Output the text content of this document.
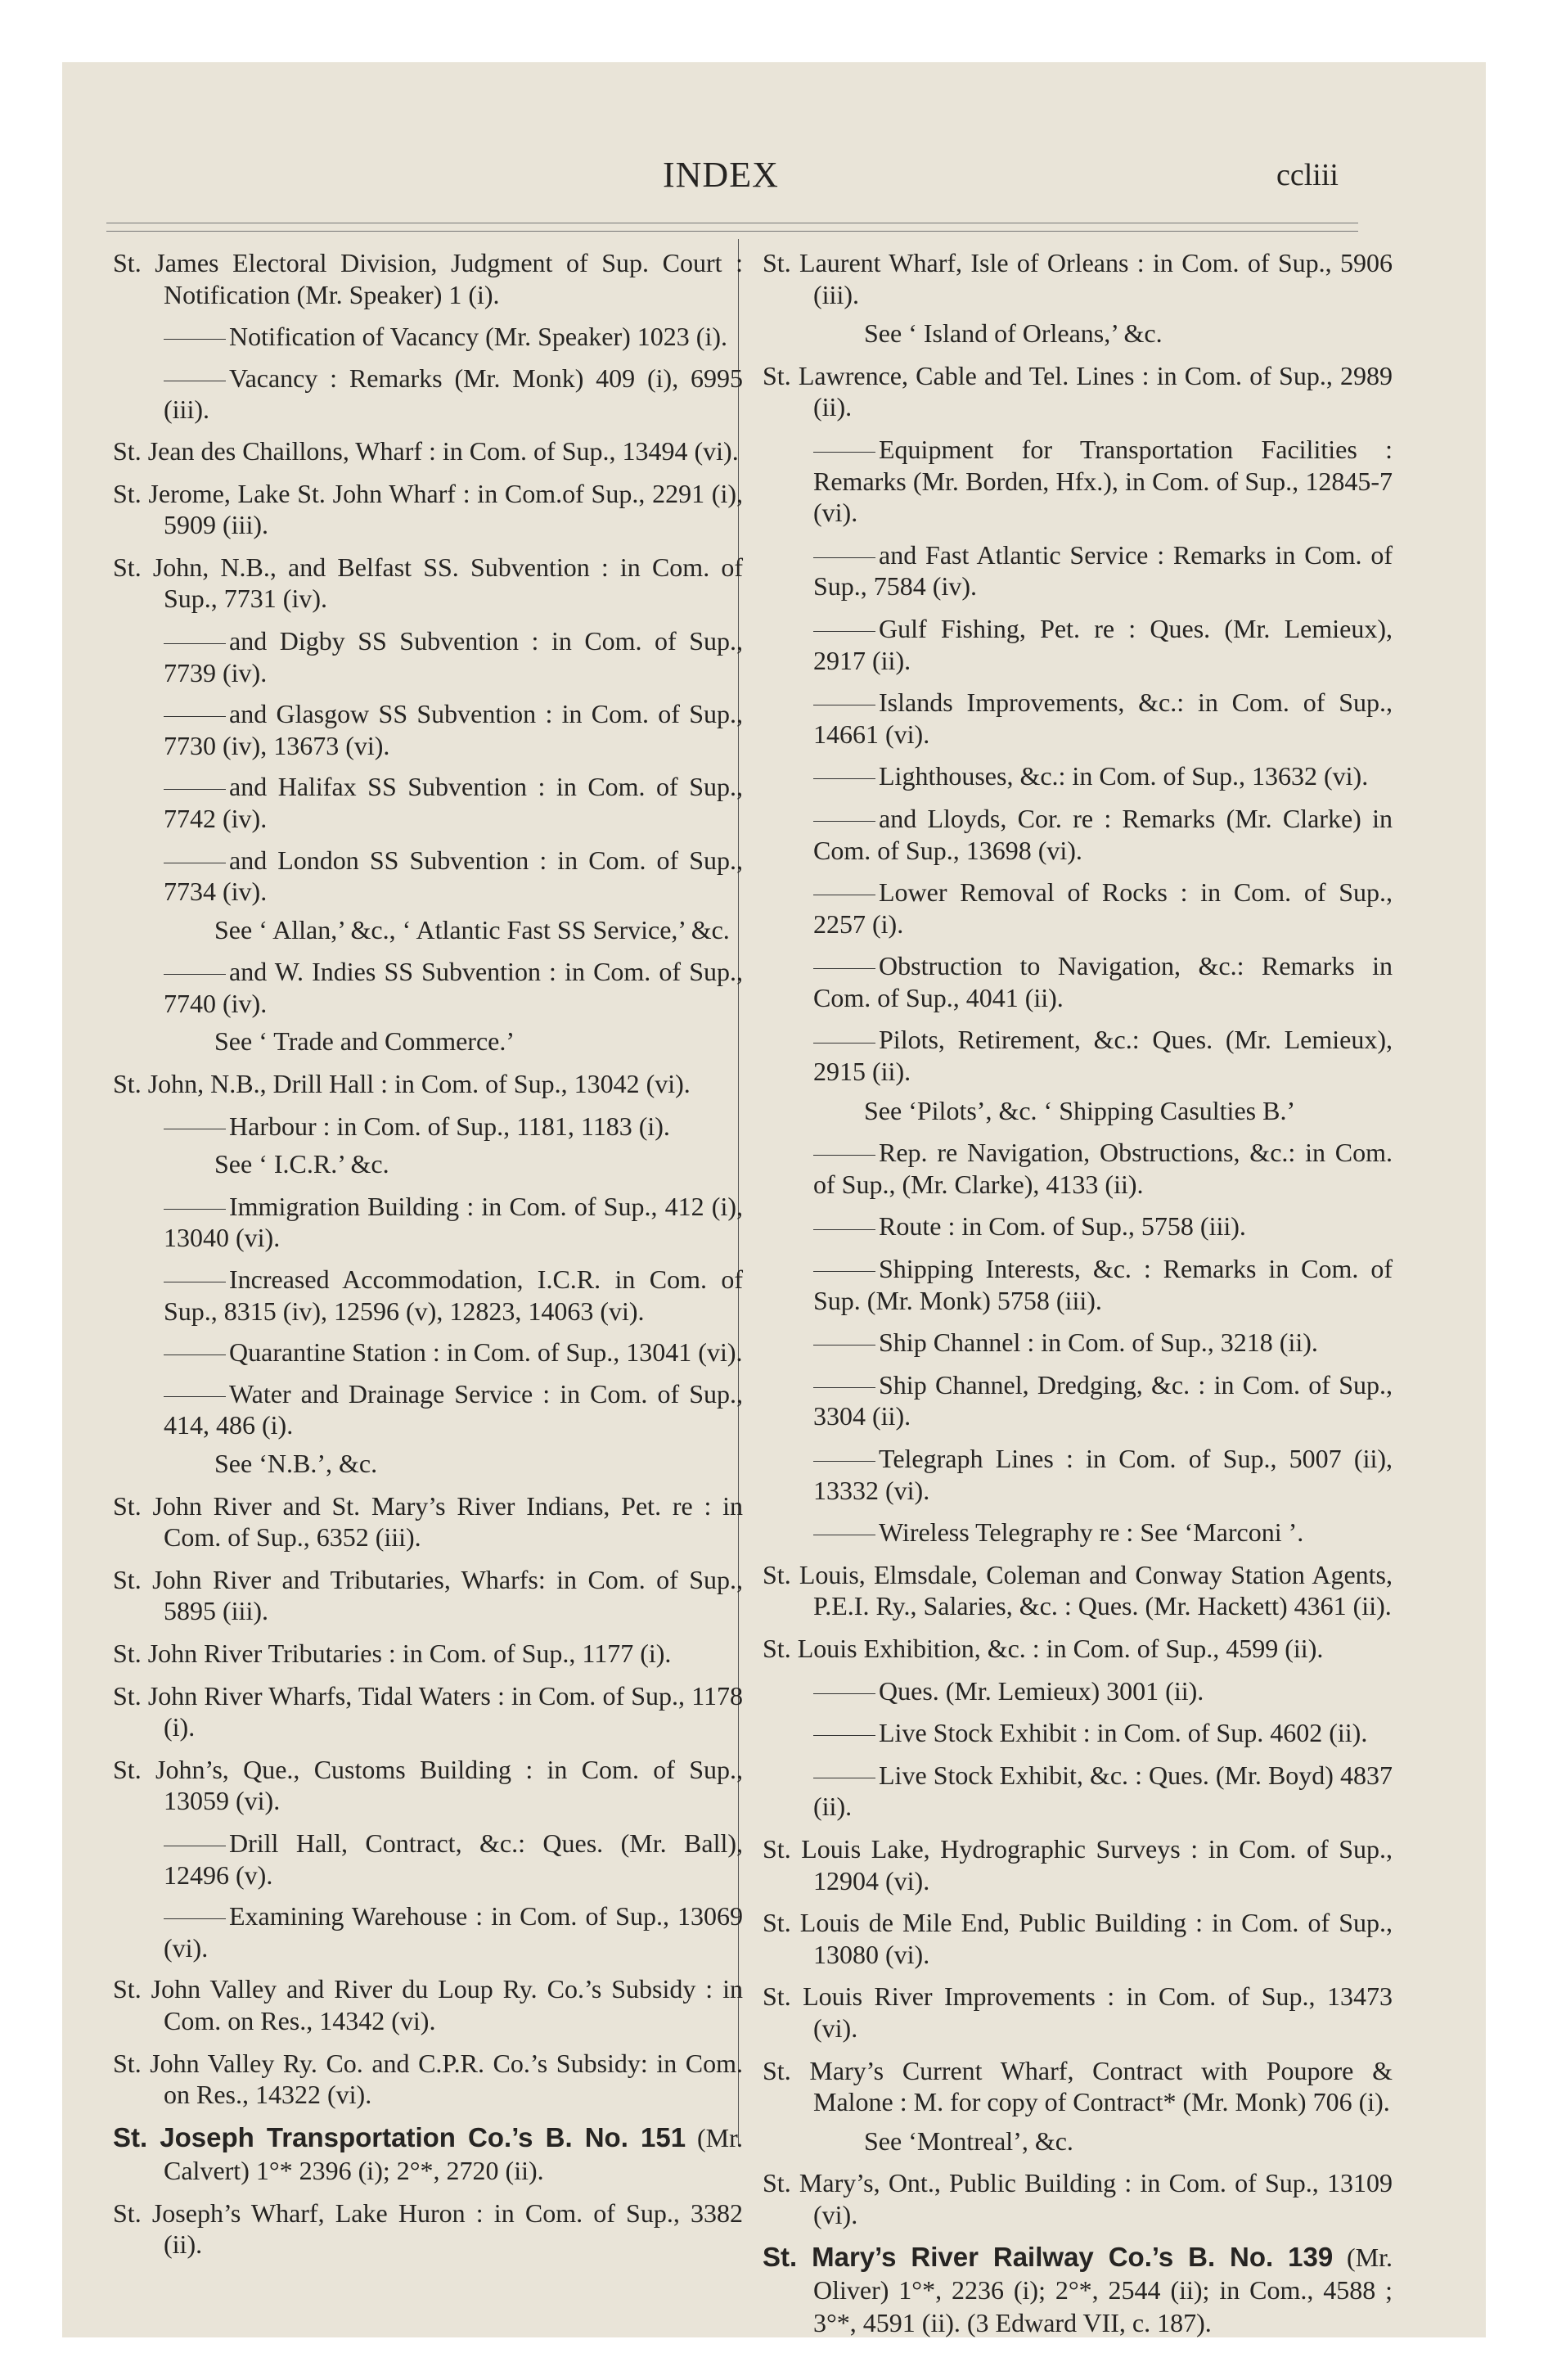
INDEX	ccliii
St. James Electoral Division, Judgment of Sup. Court : Notification (Mr. Speaker) 1 (i).
Notification of Vacancy (Mr. Speaker) 1023 (i).
Vacancy : Remarks (Mr. Monk) 409 (i), 6995 (iii).
St. Jean des Chaillons, Wharf : in Com. of Sup., 13494 (vi).
St. Jerome, Lake St. John Wharf : in Com.of Sup., 2291 (i), 5909 (iii).
St. John, N.B., and Belfast SS. Subvention : in Com. of Sup., 7731 (iv).
and Digby SS Subvention : in Com. of Sup., 7739 (iv).
and Glasgow SS Subvention : in Com. of Sup., 7730 (iv), 13673 (vi).
and Halifax SS Subvention : in Com. of Sup., 7742 (iv).
and London SS Subvention : in Com. of Sup., 7734 (iv).
See ‘ Allan,’ &c., ‘ Atlantic Fast SS Service,’ &c.
and W. Indies SS Subvention : in Com. of Sup., 7740 (iv).
See ‘ Trade and Commerce.’
St. John, N.B., Drill Hall : in Com. of Sup., 13042 (vi).
Harbour : in Com. of Sup., 1181, 1183 (i).
See ‘ I.C.R.’ &c.
Immigration Building : in Com. of Sup., 412 (i), 13040 (vi).
Increased Accommodation, I.C.R. in Com. of Sup., 8315 (iv), 12596 (v), 12823, 14063 (vi).
Quarantine Station : in Com. of Sup., 13041 (vi).
Water and Drainage Service : in Com. of Sup., 414, 486 (i).
See ‘N.B.’, &c.
St. John River and St. Mary’s River Indians, Pet. re : in Com. of Sup., 6352 (iii).
St. John River and Tributaries, Wharfs: in Com. of Sup., 5895 (iii).
St. John River Tributaries : in Com. of Sup., 1177 (i).
St. John River Wharfs, Tidal Waters : in Com. of Sup., 1178 (i).
St. John’s, Que., Customs Building : in Com. of Sup., 13059 (vi).
Drill Hall, Contract, &c.: Ques. (Mr. Ball), 12496 (v).
Examining Warehouse : in Com. of Sup., 13069 (vi).
St. John Valley and River du Loup Ry. Co.’s Subsidy : in Com. on Res., 14342 (vi).
St. John Valley Ry. Co. and C.P.R. Co.’s Subsidy: in Com. on Res., 14322 (vi).
St. Joseph Transportation Co.’s B. No. 151 (Mr. Calvert) 1°* 2396 (i); 2°*, 2720 (ii).
St. Joseph’s Wharf, Lake Huron : in Com. of Sup., 3382 (ii).
St. Laurent Wharf, Isle of Orleans : in Com. of Sup., 5906 (iii).
See ‘ Island of Orleans,’ &c.
St. Lawrence, Cable and Tel. Lines : in Com. of Sup., 2989 (ii).
Equipment for Transportation Facilities : Remarks (Mr. Borden, Hfx.), in Com. of Sup., 12845-7 (vi).
and Fast Atlantic Service : Remarks in Com. of Sup., 7584 (iv).
Gulf Fishing, Pet. re : Ques. (Mr. Lemieux), 2917 (ii).
Islands Improvements, &c.: in Com. of Sup., 14661 (vi).
Lighthouses, &c.: in Com. of Sup., 13632 (vi).
and Lloyds, Cor. re : Remarks (Mr. Clarke) in Com. of Sup., 13698 (vi).
Lower Removal of Rocks : in Com. of Sup., 2257 (i).
Obstruction to Navigation, &c.: Remarks in Com. of Sup., 4041 (ii).
Pilots, Retirement, &c.: Ques. (Mr. Lemieux), 2915 (ii).
See ‘Pilots’, &c. ‘ Shipping Casulties B.’
Rep. re Navigation, Obstructions, &c.: in Com. of Sup., (Mr. Clarke), 4133 (ii).
Route : in Com. of Sup., 5758 (iii).
Shipping Interests, &c. : Remarks in Com. of Sup. (Mr. Monk) 5758 (iii).
Ship Channel : in Com. of Sup., 3218 (ii).
Ship Channel, Dredging, &c. : in Com. of Sup., 3304 (ii).
Telegraph Lines : in Com. of Sup., 5007 (ii), 13332 (vi).
Wireless Telegraphy re : See ‘Marconi ’.
St. Louis, Elmsdale, Coleman and Conway Station Agents, P.E.I. Ry., Salaries, &c. : Ques. (Mr. Hackett) 4361 (ii).
St. Louis Exhibition, &c. : in Com. of Sup., 4599 (ii).
Ques. (Mr. Lemieux) 3001 (ii).
Live Stock Exhibit : in Com. of Sup. 4602 (ii).
Live Stock Exhibit, &c. : Ques. (Mr. Boyd) 4837 (ii).
St. Louis Lake, Hydrographic Surveys : in Com. of Sup., 12904 (vi).
St. Louis de Mile End, Public Building : in Com. of Sup., 13080 (vi).
St. Louis River Improvements : in Com. of Sup., 13473 (vi).
St. Mary’s Current Wharf, Contract with Poupore & Malone : M. for copy of Contract* (Mr. Monk) 706 (i).
See ‘Montreal’, &c.
St. Mary’s, Ont., Public Building : in Com. of Sup., 13109 (vi).
St. Mary’s River Railway Co.’s B. No. 139 (Mr. Oliver) 1°*, 2236 (i); 2°*, 2544 (ii); in Com., 4588 ; 3°*, 4591 (ii). (3 Edward VII, c. 187).
